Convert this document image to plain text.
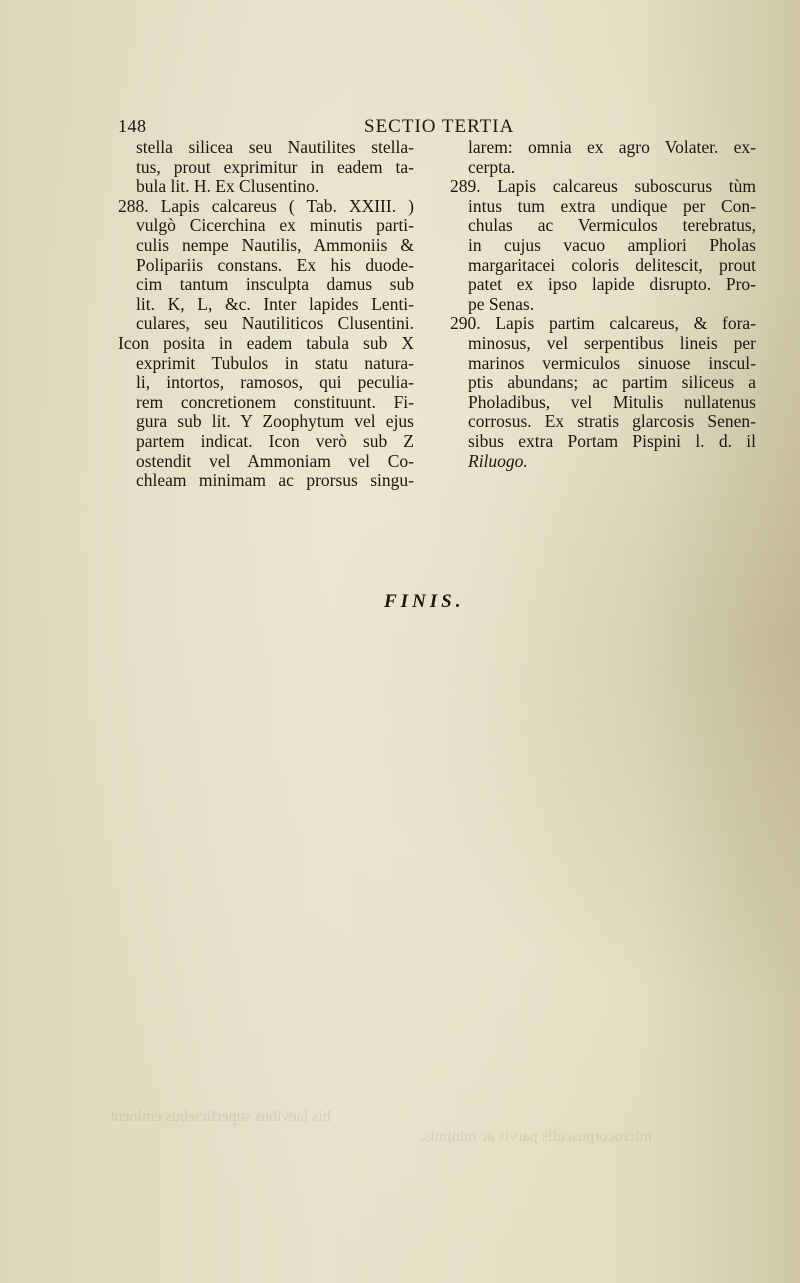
his laevibus superficiebus eminent
microcorpusculis parvis ac minimis.
148	SECTIO TERTIA
stella silicea seu Nautilites stella-
tus, prout exprimitur in eadem ta-
bula lit. H. Ex Clusentino.
288. Lapis calcareus ( Tab. XXIII. )
vulgò Cicerchina ex minutis parti-
culis nempe Nautilis, Ammoniis &
Polipariis constans. Ex his duode-
cim tantum insculpta damus sub
lit. K, L, &c. Inter lapides Lenti-
culares, seu Nautiliticos Clusentini.
Icon posita in eadem tabula sub X
exprimit Tubulos in statu natura-
li, intortos, ramosos, qui peculia-
rem concretionem constituunt. Fi-
gura sub lit. Y Zoophytum vel ejus
partem indicat. Icon verò sub Z
ostendit vel Ammoniam vel Co-
chleam minimam ac prorsus singu-
larem: omnia ex agro Volater. ex-
cerpta.
289. Lapis calcareus suboscurus tùm
intus tum extra undique per Con-
chulas ac Vermiculos terebratus,
in cujus vacuo ampliori Pholas
margaritacei coloris delitescit, prout
patet ex ipso lapide disrupto. Pro-
pe Senas.
290. Lapis partim calcareus, & fora-
minosus, vel serpentibus lineis per
marinos vermiculos sinuose inscul-
ptis abundans; ac partim siliceus a
Pholadibus, vel Mitulis nullatenus
corrosus. Ex stratis glarcosis Senen-
sibus extra Portam Pispini l. d. il
Riluogo.
FINIS.
